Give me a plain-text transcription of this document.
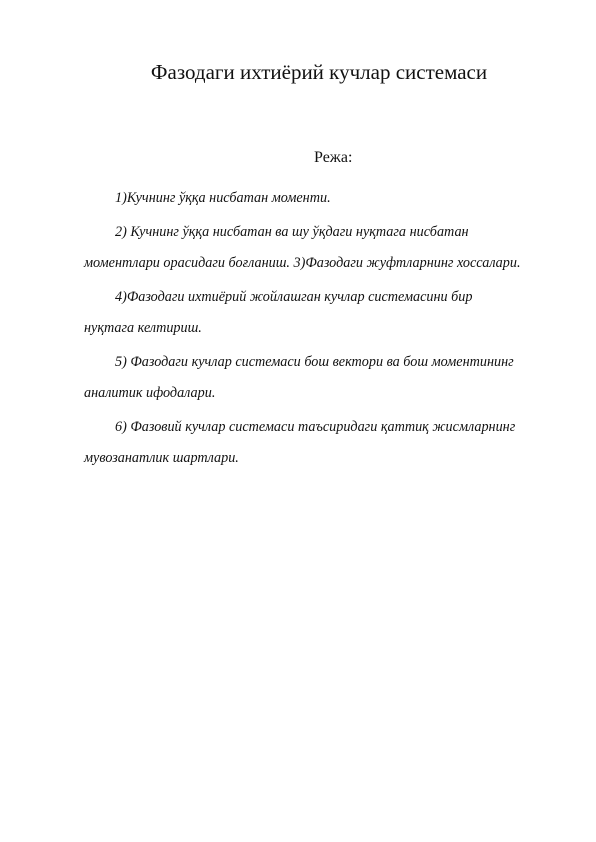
Фазодаги ихтиёрий кучлар системаси
Режа:

1)Кучнинг ўққа нисбатан моменти.

2) Кучнинг ўққа нисбатан ва шу ўқдаги нуқтага нисбатан моментлари орасидаги боғланиш. 3)Фазодаги жуфтларнинг хоссалари.

4)Фазодаги ихтиёрий жойлашган кучлар системасини бир нуқтага келтириш.

5) Фазодаги кучлар системаси бош вектори ва бош моментининг аналитик ифодалари.

6) Фазовий кучлар системаси таъсиридаги қаттиқ жисмларнинг мувозанатлик шартлари.
